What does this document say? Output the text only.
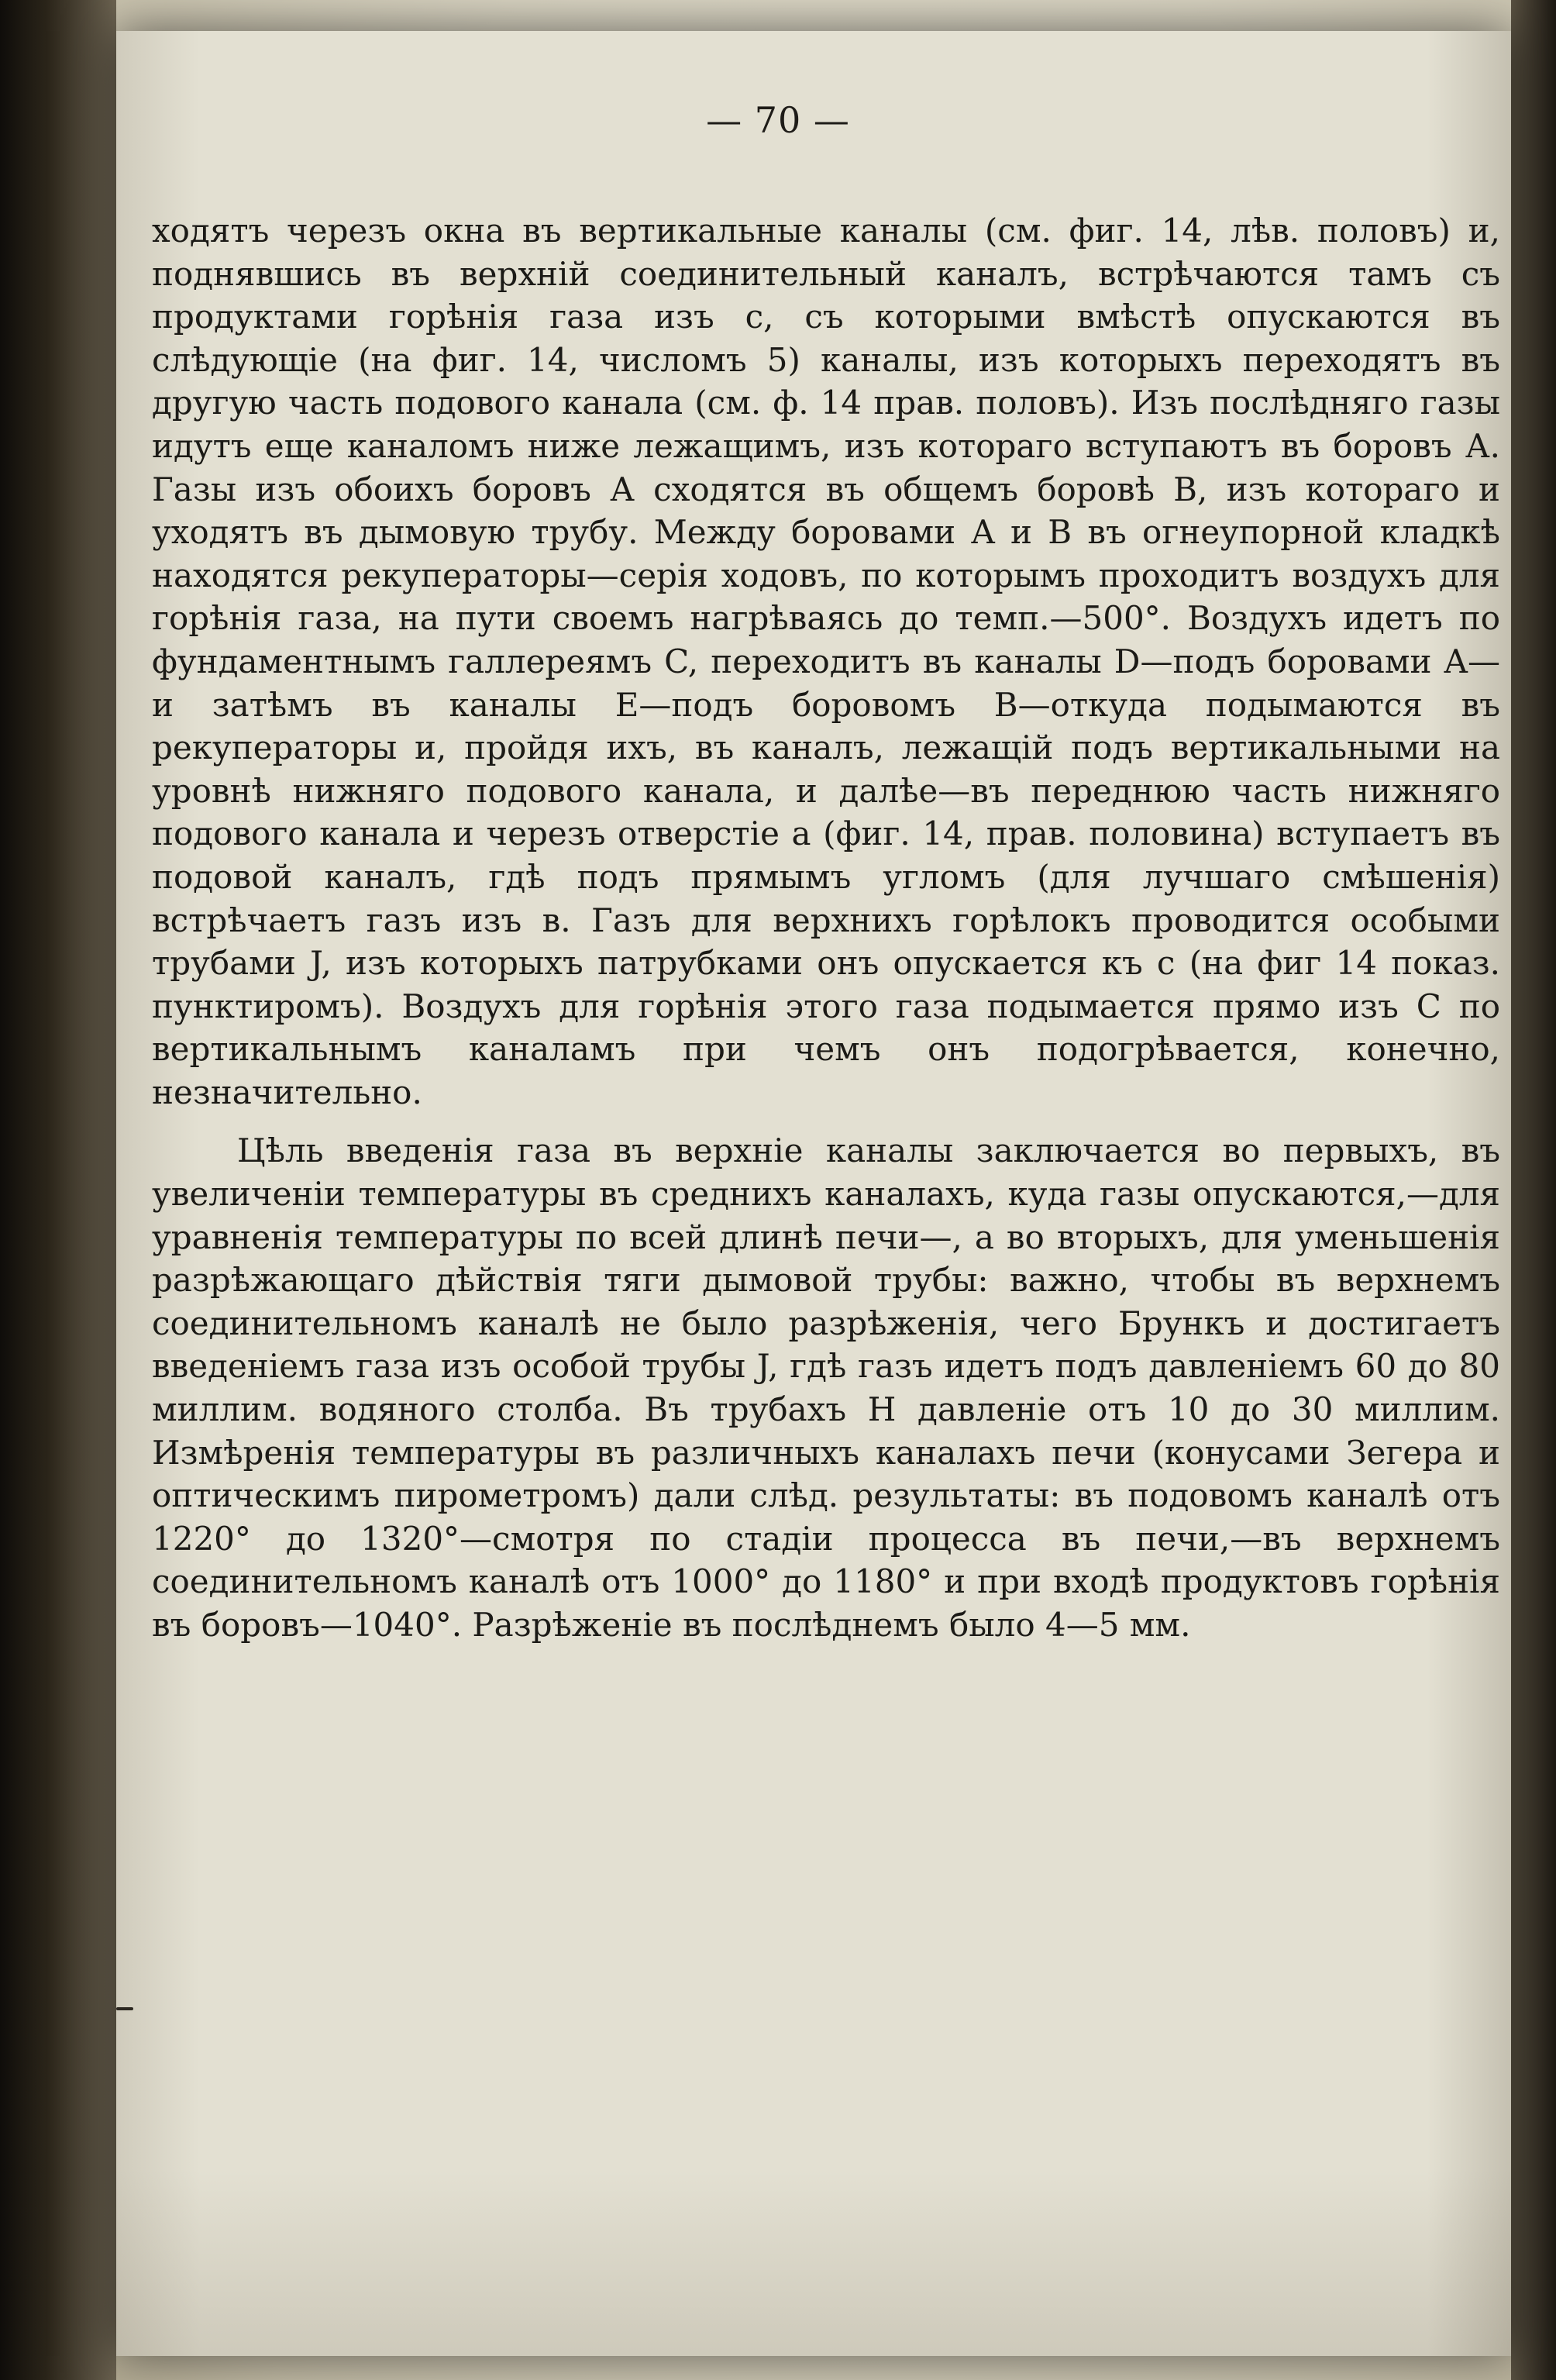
— 70 —

ходятъ черезъ окна въ вертикальные каналы (см. фиг. 14, лѣв. половъ) и, поднявшись въ верхній соединительный каналъ, встрѣчаются тамъ съ продуктами горѣнія газа изъ c, съ которыми вмѣстѣ опускаются въ слѣдующіе (на фиг. 14, числомъ 5) каналы, изъ которыхъ переходятъ въ другую часть подового канала (см. ф. 14 прав. половъ). Изъ послѣдняго газы идутъ еще каналомъ ниже лежащимъ, изъ котораго вступаютъ въ боровъ А. Газы изъ обоихъ боровъ А сходятся въ общемъ боровѣ B, изъ котораго и уходятъ въ дымовую трубу. Между боровами A и B въ огнеупорной кладкѣ находятся рекуператоры—серія ходовъ, по которымъ проходитъ воздухъ для горѣнія газа, на пути своемъ нагрѣваясь до темп.—500°. Воздухъ идетъ по фундаментнымъ галлереямъ C, переходитъ въ каналы D—подъ боровами A—и затѣмъ въ каналы E—подъ боровомъ B—откуда подымаются въ рекуператоры и, пройдя ихъ, въ каналъ, лежащій подъ вертикальными на уровнѣ нижняго подового канала, и далѣе—въ переднюю часть нижняго подового канала и черезъ отверстіе a (фиг. 14, прав. половина) вступаетъ въ подовой каналъ, гдѣ подъ прямымъ угломъ (для лучшаго смѣшенія) встрѣчаетъ газъ изъ в. Газъ для верхнихъ горѣлокъ проводится особыми трубами J, изъ которыхъ патрубками онъ опускается къ c (на фиг 14 показ. пунктиромъ). Воздухъ для горѣнія этого газа подымается прямо изъ C по вертикальнымъ каналамъ при чемъ онъ подогрѣвается, конечно, незначительно.

Цѣль введенія газа въ верхніе каналы заключается во первыхъ, въ увеличеніи температуры въ среднихъ каналахъ, куда газы опускаются,—для уравненія температуры по всей длинѣ печи—, а во вторыхъ, для уменьшенія разрѣжающаго дѣйствія тяги дымовой трубы: важно, чтобы въ верхнемъ соединительномъ каналѣ не было разрѣженія, чего Брункъ и достигаетъ введеніемъ газа изъ особой трубы J, гдѣ газъ идетъ подъ давленіемъ 60 до 80 миллим. водяного столба. Въ трубахъ H давленіе отъ 10 до 30 миллим. Измѣренія температуры въ различныхъ каналахъ печи (конусами Зегера и оптическимъ пирометромъ) дали слѣд. результаты: въ подовомъ каналѣ отъ 1220° до 1320°—смотря по стадіи процесса въ печи,—въ верхнемъ соединительномъ каналѣ отъ 1000° до 1180° и при входѣ продуктовъ горѣнія въ боровъ—1040°. Разрѣженіе въ послѣднемъ было 4—5 мм.
